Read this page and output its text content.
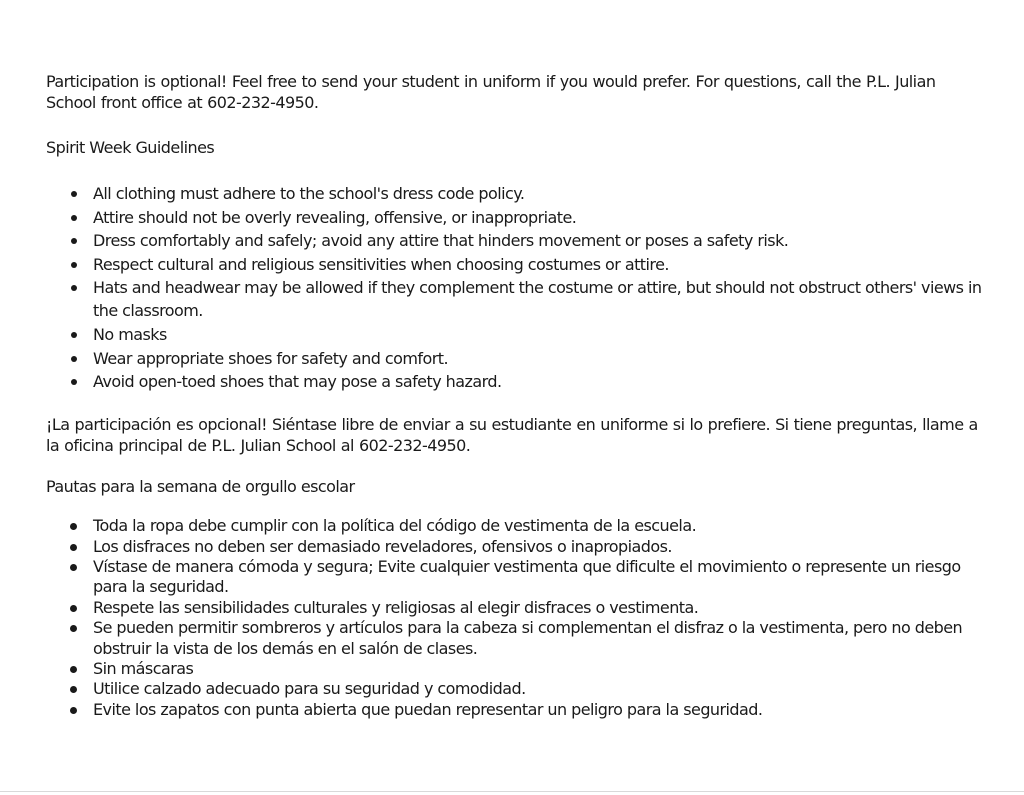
Participation is optional! Feel free to send your student in uniform if you would prefer. For questions, call the P.L. Julian School front office at 602-232-4950.

Spirit Week Guidelines

All clothing must adhere to the school's dress code policy.
Attire should not be overly revealing, offensive, or inappropriate.
Dress comfortably and safely; avoid any attire that hinders movement or poses a safety risk.
Respect cultural and religious sensitivities when choosing costumes or attire.
Hats and headwear may be allowed if they complement the costume or attire, but should not obstruct others' views in the classroom.
No masks
Wear appropriate shoes for safety and comfort.
Avoid open-toed shoes that may pose a safety hazard.

¡La participación es opcional! Siéntase libre de enviar a su estudiante en uniforme si lo prefiere. Si tiene preguntas, llame a la oficina principal de P.L. Julian School al 602-232-4950.

Pautas para la semana de orgullo escolar

Toda la ropa debe cumplir con la política del código de vestimenta de la escuela.
Los disfraces no deben ser demasiado reveladores, ofensivos o inapropiados.
Vístase de manera cómoda y segura; Evite cualquier vestimenta que dificulte el movimiento o represente un riesgo para la seguridad.
Respete las sensibilidades culturales y religiosas al elegir disfraces o vestimenta.
Se pueden permitir sombreros y artículos para la cabeza si complementan el disfraz o la vestimenta, pero no deben obstruir la vista de los demás en el salón de clases.
Sin máscaras
Utilice calzado adecuado para su seguridad y comodidad.
Evite los zapatos con punta abierta que puedan representar un peligro para la seguridad.
